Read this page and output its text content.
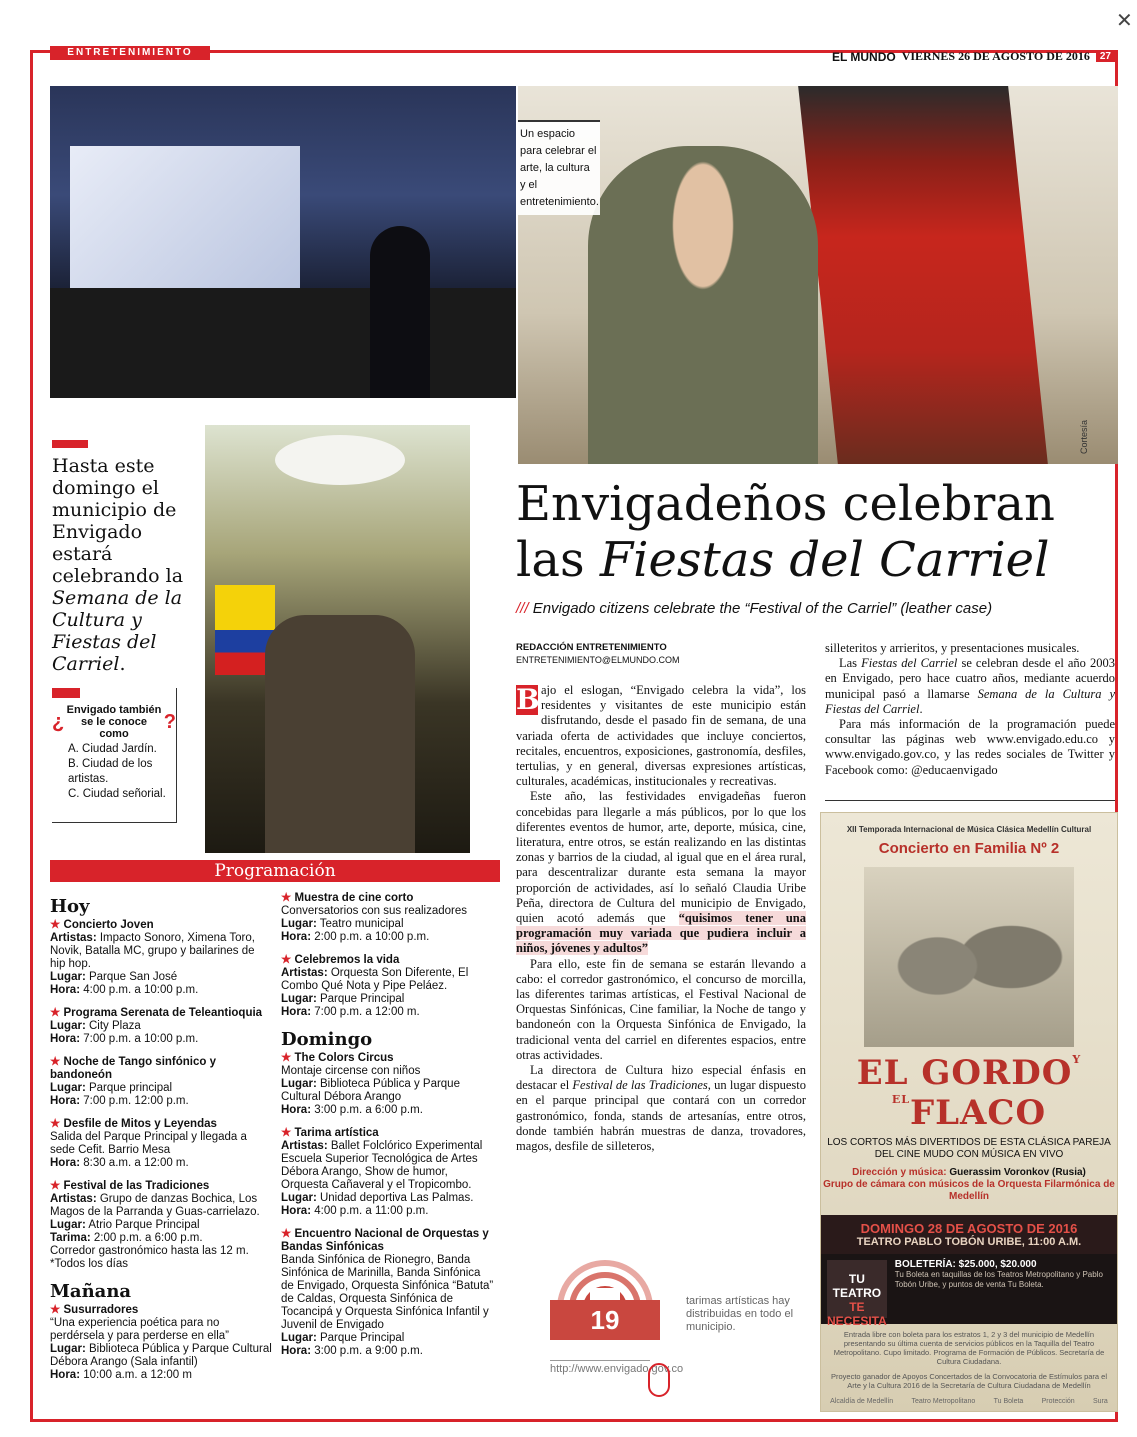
ENTRETENIMIENTO	EL MUNDO VIERNES 26 DE AGOSTO DE 2016	27
✕
Un espacio para celebrar el arte, la cultura y el entretenimiento.
Cortesía
Hasta este domingo el municipio de Envigado estará celebrando la Semana de la Cultura y Fiestas del Carriel.
¿
Envigado también se le conoce como
?
A. Ciudad Jardín.
B. Ciudad de los artistas.
C. Ciudad señorial.
Envigadeños celebran
las Fiestas del Carriel
/// Envigado citizens celebrate the “Festival of the Carriel” (leather case)
REDACCIÓN ENTRETENIMIENTO
ENTRETENIMIENTO@ELMUNDO.COM

B ajo el eslogan, “Envigado celebra la vida”, los residentes y visitantes de este municipio están disfrutando, desde el pasado fin de semana, de una variada oferta de actividades que incluye conciertos, recitales, encuentros, exposiciones, gastronomía, desfiles, tertulias, y en general, diversas expresiones artísticas, culturales, académicas, institucionales y recreativas.

Este año, las festividades envigadeñas fueron concebidas para llegarle a más públicos, por lo que los diferentes eventos de humor, arte, deporte, música, cine, literatura, entre otros, se están realizando en las distintas zonas y barrios de la ciudad, al igual que en el área rural, para descentralizar durante esta semana la mayor proporción de actividades, así lo señaló Claudia Uribe Peña, directora de Cultura del municipio de Envigado, quien acotó además que “quisimos tener una programación muy variada que pudiera incluir a niños, jóvenes y adultos”

Para ello, este fin de semana se estarán llevando a cabo: el corredor gastronómico, el concurso de morcilla, las diferentes tarimas artísticas, el Festival Nacional de Orquestas Sinfónicas, Cine familiar, la Noche de tango y bandoneón con la Orquesta Sinfónica de Envigado, la tradicional venta del carriel en diferentes espacios, entre otras actividades.

La directora de Cultura hizo especial énfasis en destacar el Festival de las Tradiciones, un lugar dispuesto en el parque principal que contará con un corredor gastronómico, fonda, stands de artesanías, entre otros, donde también habrán muestras de danza, trovadores, magos, desfile de silleteros,

silleteritos y arrieritos, y presentaciones musicales.

Las Fiestas del Carriel se celebran desde el año 2003 en Envigado, pero hace cuatro años, mediante acuerdo municipal pasó a llamarse Semana de la Cultura y Fiestas del Carriel.

Para más información de la programación puede consultar las páginas web www.envigado.edu.co y www.envigado.gov.co, y las redes sociales de Twitter y Facebook como: @educaenvigado

XII Temporada Internacional de Música Clásica Medellín Cultural
Concierto en Familia Nº 2
EL $GORDO^{Y EL}FLACO$
LOS CORTOS MÁS DIVERTIDOS DE ESTA CLÁSICA PAREJA DEL CINE MUDO CON MÚSICA EN VIVO
Dirección y música: Guerassim Voronkov (Rusia)
Grupo de cámara con músicos de la Orquesta Filarmónica de Medellín
DOMINGO 28 DE AGOSTO DE 2016
TEATRO PABLO TOBÓN URIBE, 11:00 A.M.
TU TEATRO
TE NECESITA
BOLETERÍA: $25.000, $20.000
Tu Boleta en taquillas de los Teatros Metropolitano y Pablo Tobón Uribe, y puntos de venta Tu Boleta.
Entrada libre con boleta para los estratos 1, 2 y 3 del municipio de Medellín presentando su última cuenta de servicios públicos en la Taquilla del Teatro Metropolitano. Cupo limitado. Programa de Formación de Públicos. Secretaría de Cultura Ciudadana.
Proyecto ganador de Apoyos Concertados de la Convocatoria de Estímulos para el Arte y la Cultura 2016 de la Secretaría de Cultura Ciudadana de Medellín
Alcaldía de Medellín	Teatro Metropolitano	Tu Boleta	Protección	Sura
Programación
Hoy
★ Concierto Joven
Artistas: Impacto Sonoro, Ximena Toro, Novik, Batalla MC, grupo y bailarines de hip hop.
Lugar: Parque San José
Hora: 4:00 p.m. a 10:00 p.m.
★ Programa Serenata de Teleantioquia
Lugar: City Plaza
Hora: 7:00 p.m. a 10:00 p.m.
★ Noche de Tango sinfónico y bandoneón
Lugar: Parque principal
Hora: 7:00 p.m. 12:00 p.m.
★ Desfile de Mitos y Leyendas
Salida del Parque Principal y llegada a sede Cefit. Barrio Mesa
Hora: 8:30 a.m. a 12:00 m.
★ Festival de las Tradiciones
Artistas: Grupo de danzas Bochica, Los Magos de la Parranda y Guas-carrielazo.
Lugar: Atrio Parque Principal
Tarima: 2:00 p.m. a 6:00 p.m.
Corredor gastronómico hasta las 12 m.
*Todos los días
Mañana
★ Susurradores
“Una experiencia poética para no perdérsela y para perderse en ella”
Lugar: Biblioteca Pública y Parque Cultural Débora Arango (Sala infantil)
Hora: 10:00 a.m. a 12:00 m
★ Muestra de cine corto
Conversatorios con sus realizadores
Lugar: Teatro municipal
Hora: 2:00 p.m. a 10:00 p.m.
★ Celebremos la vida
Artistas: Orquesta Son Diferente, El Combo Qué Nota y Pipe Peláez.
Lugar: Parque Principal
Hora: 7:00 p.m. a 12:00 m.
Domingo
★ The Colors Circus
Montaje circense con niños
Lugar: Biblioteca Pública y Parque Cultural Débora Arango
Hora: 3:00 p.m. a 6:00 p.m.
★ Tarima artística
Artistas: Ballet Folclórico Experimental Escuela Superior Tecnológica de Artes Débora Arango, Show de humor, Orquesta Cañaveral y el Tropicombo.
Lugar: Unidad deportiva Las Palmas.
Hora: 4:00 p.m. a 11:00 p.m.
★ Encuentro Nacional de Orquestas y Bandas Sinfónicas
Banda Sinfónica de Rionegro, Banda Sinfónica de Marinilla, Banda Sinfónica de Envigado, Orquesta Sinfónica “Batuta” de Caldas, Orquesta Sinfónica de Tocancipá y Orquesta Sinfónica Infantil y Juvenil de Envigado
Lugar: Parque Principal
Hora: 3:00 p.m. a 9:00 p.m.
19
tarimas artísticas hay distribuidas en todo el municipio.
http://www.envigado.gov.co
